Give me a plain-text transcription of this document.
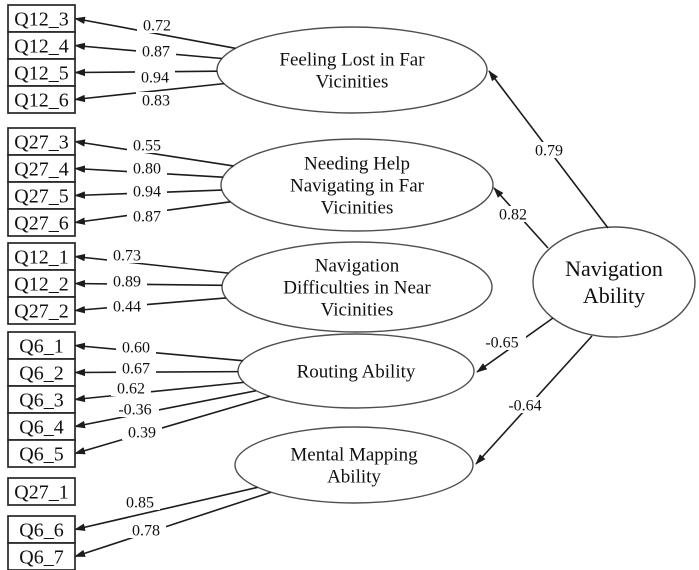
Feeling Lost in Far Vicinities
Needing Help Navigating in Far Vicinities
Navigation Difficulties in Near Vicinities
Routing Ability
Mental Mapping Ability
Navigation Ability
0.72
0.87
0.94
0.83
0.55
0.80
0.94
0.87
0.73
0.89
0.44
0.60
0.67
0.62
-0.36
0.39
0.85
0.78
0.79
0.82
-0.65
-0.64
Q12_3
Q12_4
Q12_5
Q12_6
Q27_3
Q27_4
Q27_5
Q27_6
Q12_1
Q12_2
Q27_2
Q6_1
Q6_2
Q6_3
Q6_4
Q6_5
Q6_6
Q6_7
Q27_1
